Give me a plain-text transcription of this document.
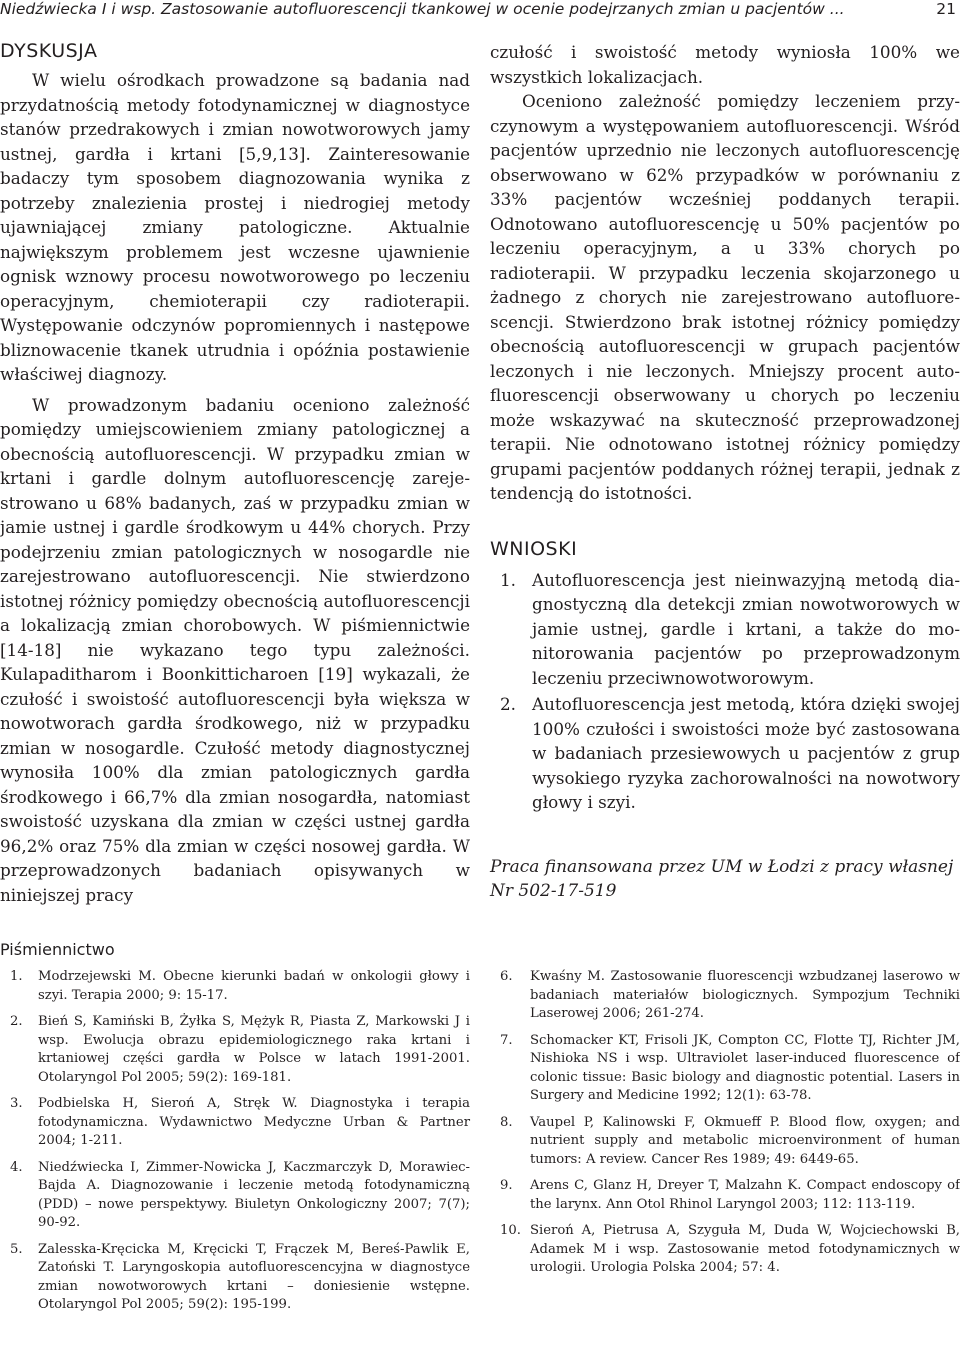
Niedźwiecka I i wsp. Zastosowanie autofluorescencji tkankowej w ocenie podejrzanych zmian u pacjentów ...	21
DYSKUSJA

W wielu ośrodkach prowadzone są badania nad przydatnością metody fotodynamicznej w diagnostyce stanów przedrakowych i zmian nowotworowych jamy ustnej, gardła i krtani [5,9,13]. Zainteresowanie badaczy tym sposobem diagnozowania wynika z potrzeby znalezienia prostej i niedrogiej metody ujawniającej zmiany patologiczne. Aktualnie największym problemem jest wczesne ujawnienie ognisk wznowy procesu nowotworowego po leczeniu operacyjnym, chemioterapii czy radioterapii. Występowanie odczynów popromiennych i następowe bliznowacenie tkanek utrudnia i opóźnia postawienie właściwej diagnozy.

W prowadzonym badaniu oceniono zależność pomiędzy umiejscowieniem zmiany patologicznej a obecnością autofluorescencji. W przypadku zmian w krtani i gardle dolnym autofluorescencję zarejestrowano u 68% badanych, zaś w przypadku zmian w jamie ustnej i gardle środkowym u 44% chorych. Przy podejrzeniu zmian patologicznych w nosogardle nie zarejestrowano autofluorescencji. Nie stwierdzono istotnej różnicy pomiędzy obecnością autofluorescencji a lokalizacją zmian chorobowych. W piśmiennictwie [14-18] nie wykazano tego typu zależności. Kulapaditharom i Boonkitticharoen [19] wykazali, że czułość i swoistość autofluorescencji była większa w nowotworach gardła środkowego, niż w przypadku zmian w nosogardle. Czułość metody diagnostycznej wynosiła 100% dla zmian patologicznych gardła środkowego i 66,7% dla zmian nosogardła, natomiast swoistość uzyskana dla zmian w części ustnej gardła 96,2% oraz 75% dla zmian w części nosowej gardła. W przeprowadzonych badaniach opisywanych w niniejszej pracy

czułość i swoistość metody wyniosła 100% we wszystkich lokalizacjach.

Oceniono zależność pomiędzy leczeniem przyczynowym a występowaniem autofluorescencji. Wśród pacjentów uprzednio nie leczonych autofluorescencję obserwowano w 62% przypadków w porównaniu z 33% pacjentów wcześniej poddanych terapii. Odnotowano autofluorescencję u 50% pacjentów po leczeniu operacyjnym, a u 33% chorych po radioterapii. W przypadku leczenia skojarzonego u żadnego z chorych nie zarejestrowano autofluorescencji. Stwierdzono brak istotnej różnicy pomiędzy obecnością autofluorescencji w grupach pacjentów leczonych i nie leczonych. Mniejszy procent autofluorescencji obserwowany u chorych po leczeniu może wskazywać na skuteczność przeprowadzonej terapii. Nie odnotowano istotnej różnicy pomiędzy grupami pacjentów poddanych różnej terapii, jednak z tendencją do istotności.

WNIOSKI
1. Autofluorescencja jest nieinwazyjną metodą diagnostyczną dla detekcji zmian nowotworowych w jamie ustnej, gardle i krtani, a także do monitorowania pacjentów po przeprowadzonym leczeniu przeciwnowotworowym.
2. Autofluorescencja jest metodą, która dzięki swojej 100% czułości i swoistości może być zastosowana w badaniach przesiewowych u pacjentów z grup wysokiego ryzyka zachorowalności na nowotwory głowy i szyi.

Praca finansowana przez UM w Łodzi z pracy własnej Nr 502-17-519

Piśmiennictwo
1. Modrzejewski M. Obecne kierunki badań w onkologii głowy i szyi. Terapia 2000; 9: 15-17.
2. Bień S, Kamiński B, Żyłka S, Mężyk R, Piasta Z, Markowski J i wsp. Ewolucja obrazu epidemiologicznego raka krtani i krtaniowej części gardła w Polsce w latach 1991-2001. Otolaryngol Pol 2005; 59(2): 169-181.
3. Podbielska H, Sieroń A, Stręk W. Diagnostyka i terapia fotodynamiczna. Wydawnictwo Medyczne Urban & Partner 2004; 1-211.
4. Niedźwiecka I, Zimmer-Nowicka J, Kaczmarczyk D, Morawiec-Bajda A. Diagnozowanie i leczenie metodą fotodynamiczną (PDD) – nowe perspektywy. Biuletyn Onkologiczny 2007; 7(7); 90-92.
5. Zalesska-Kręcicka M, Kręcicki T, Frączek M, Bereś-Pawlik E, Zatoński T. Laryngoskopia autofluorescencyjna w diagnostyce zmian nowotworowych krtani – doniesienie wstępne. Otolaryngol Pol 2005; 59(2): 195-199.
6. Kwaśny M. Zastosowanie fluorescencji wzbudzanej laserowo w badaniach materiałów biologicznych. Sympozjum Techniki Laserowej 2006; 261-274.
7. Schomacker KT, Frisoli JK, Compton CC, Flotte TJ, Richter JM, Nishioka NS i wsp. Ultraviolet laser-induced fluorescence of colonic tissue: Basic biology and diagnostic potential. Lasers in Surgery and Medicine 1992; 12(1): 63-78.
8. Vaupel P, Kalinowski F, Okmueff P. Blood flow, oxygen; and nutrient supply and metabolic microenvironment of human tumors: A review. Cancer Res 1989; 49: 6449-65.
9. Arens C, Glanz H, Dreyer T, Malzahn K. Compact endoscopy of the larynx. Ann Otol Rhinol Laryngol 2003; 112: 113-119.
10. Sieroń A, Pietrusa A, Szyguła M, Duda W, Wojciechowski B, Adamek M i wsp. Zastosowanie metod fotodynamicznych w urologii. Urologia Polska 2004; 57: 4.
